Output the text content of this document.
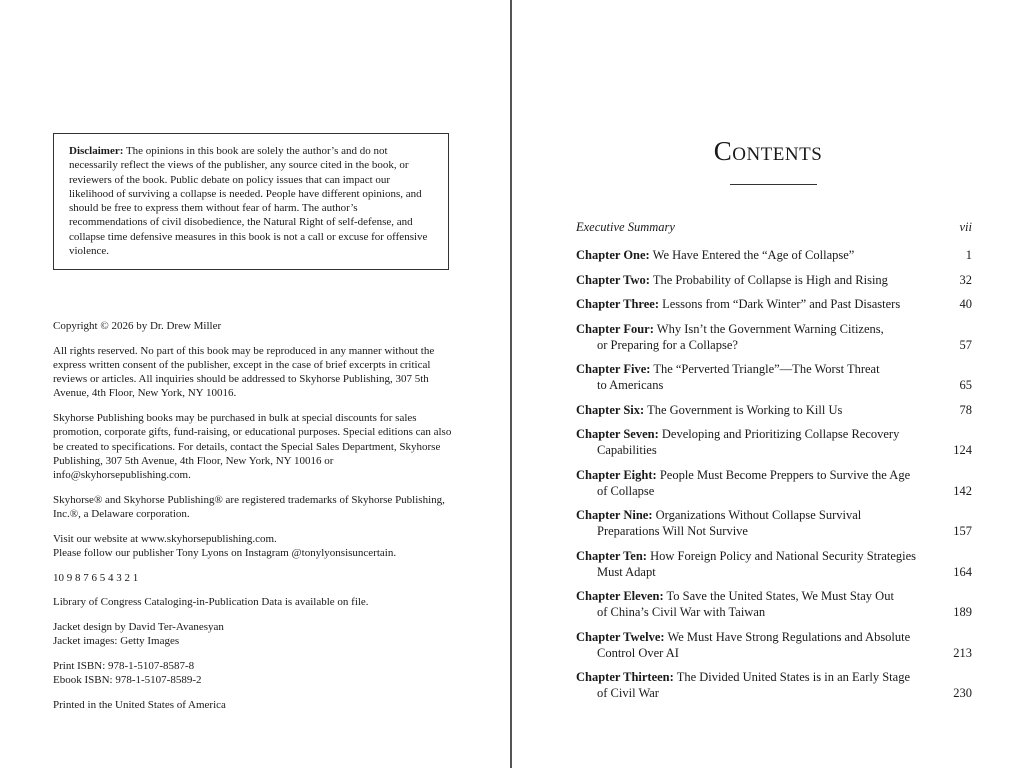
Disclaimer: The opinions in this book are solely the author’s and do not necessarily reflect the views of the publisher, any source cited in the book, or reviewers of the book. Public debate on policy issues that can impact our likelihood of surviving a collapse is needed. People have different opinions, and should be free to express them without fear of harm. The author’s recommendations of civil disobedience, the Natural Right of self-defense, and collapse time defensive measures in this book is not a call or excuse for offensive violence.

Copyright © 2026 by Dr. Drew Miller

All rights reserved. No part of this book may be reproduced in any manner without the express written consent of the publisher, except in the case of brief excerpts in critical reviews or articles. All inquiries should be addressed to Skyhorse Publishing, 307 5th Avenue, 4th Floor, New York, NY 10016.

Skyhorse Publishing books may be purchased in bulk at special discounts for sales promotion, corporate gifts, fund-raising, or educational purposes. Special editions can also be created to specifications. For details, contact the Special Sales Department, Skyhorse Publishing, 307 5th Avenue, 4th Floor, New York, NY 10016 or info@skyhorsepublishing.com.

Skyhorse® and Skyhorse Publishing® are registered trademarks of Skyhorse Publishing, Inc.®, a Delaware corporation.

Visit our website at www.skyhorsepublishing.com.
Please follow our publisher Tony Lyons on Instagram @tonylyonsisuncertain.

10 9 8 7 6 5 4 3 2 1

Library of Congress Cataloging-in-Publication Data is available on file.

Jacket design by David Ter-Avanesyan
Jacket images: Getty Images

Print ISBN: 978-1-5107-8587-8
Ebook ISBN: 978-1-5107-8589-2

Printed in the United States of America

Contents
Executive Summary	vii
Chapter One: We Have Entered the “Age of Collapse”	1
Chapter Two: The Probability of Collapse is High and Rising	32
Chapter Three: Lessons from “Dark Winter” and Past Disasters	40
Chapter Four: Why Isn’t the Government Warning Citizens,
or Preparing for a Collapse?	57
Chapter Five: The “Perverted Triangle”—The Worst Threat
to Americans	65
Chapter Six: The Government is Working to Kill Us	78
Chapter Seven: Developing and Prioritizing Collapse Recovery
Capabilities	124
Chapter Eight: People Must Become Preppers to Survive the Age
of Collapse	142
Chapter Nine: Organizations Without Collapse Survival
Preparations Will Not Survive	157
Chapter Ten: How Foreign Policy and National Security Strategies
Must Adapt	164
Chapter Eleven: To Save the United States, We Must Stay Out
of China’s Civil War with Taiwan	189
Chapter Twelve: We Must Have Strong Regulations and Absolute
Control Over AI	213
Chapter Thirteen: The Divided United States is in an Early Stage
of Civil War	230
